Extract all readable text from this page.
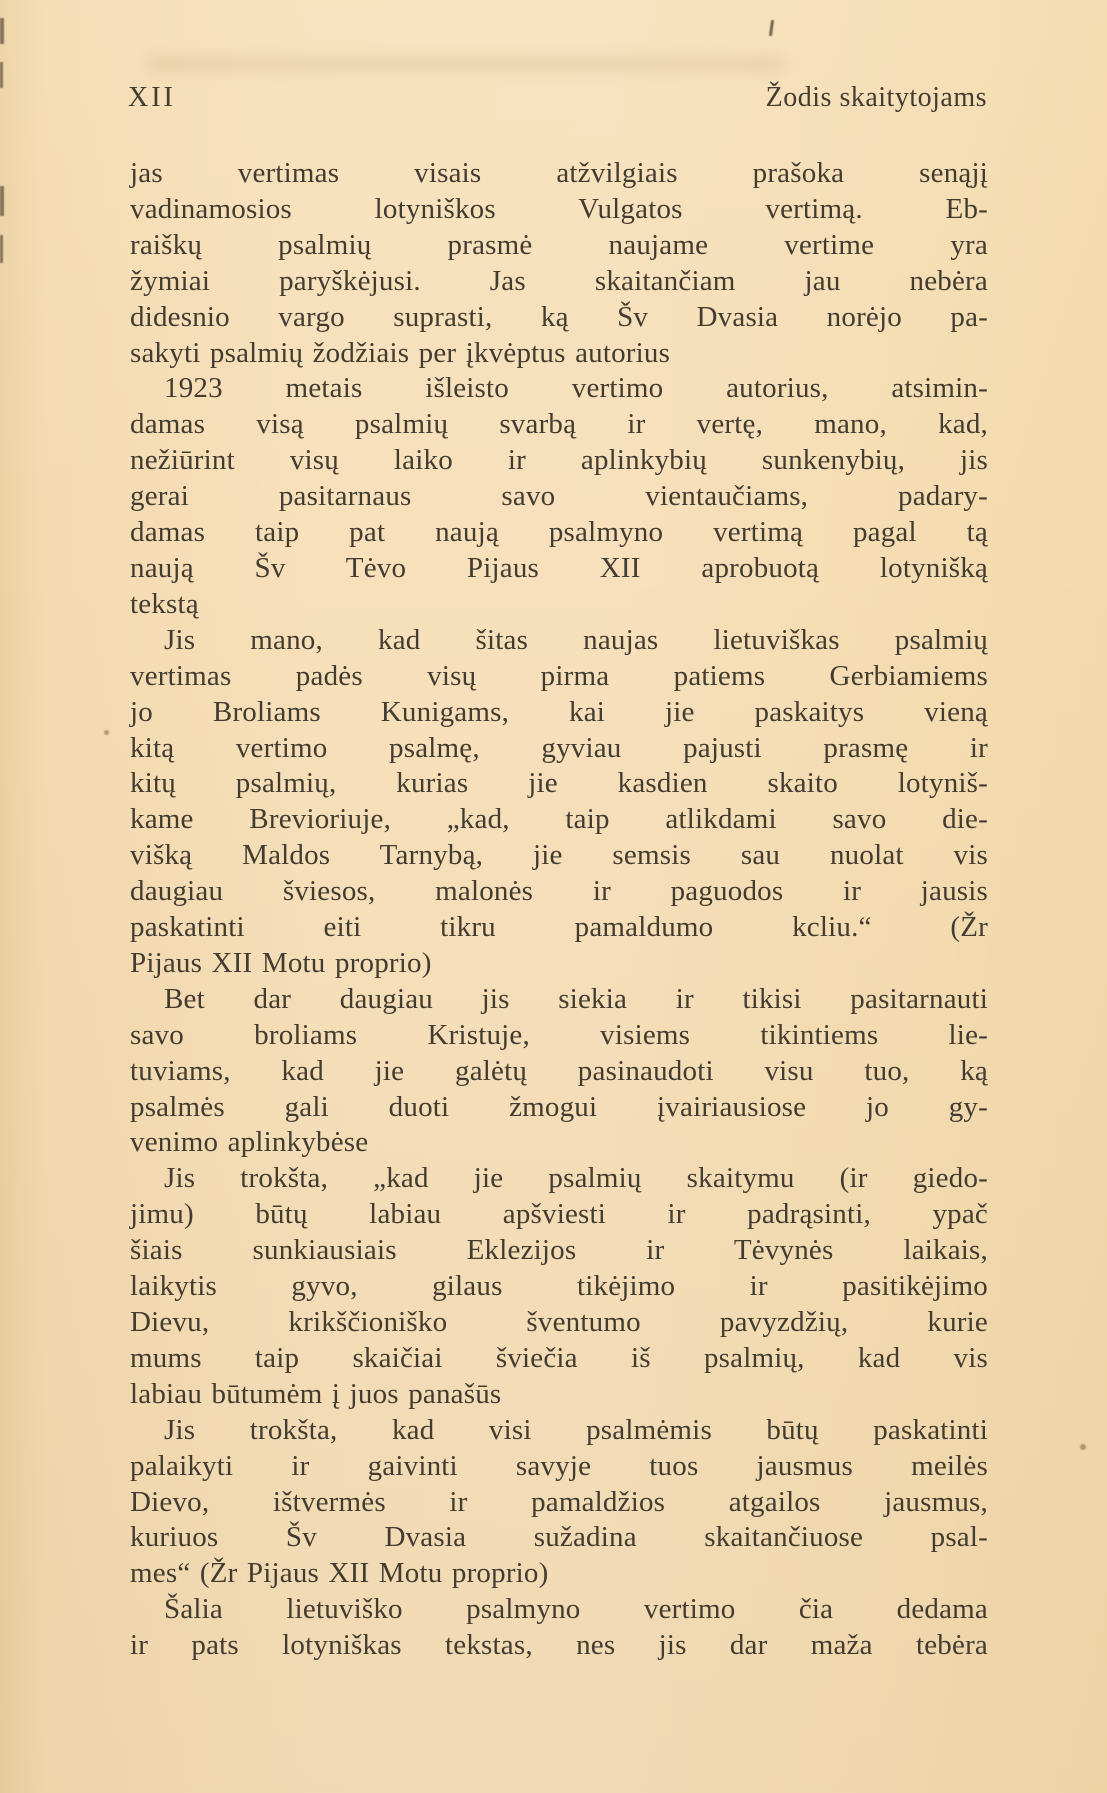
XII	Žodis skaitytojams
jas vertimas visais atžvilgiais prašoka senąjį
vadinamosios lotyniškos Vulgatos vertimą. Eb-
raiškų psalmių prasmė naujame vertime yra
žymiai paryškėjusi. Jas skaitančiam jau nebėra
didesnio vargo suprasti, ką Šv Dvasia norėjo pa-
sakyti psalmių žodžiais per įkvėptus autorius
1923 metais išleisto vertimo autorius, atsimin-
damas visą psalmių svarbą ir vertę, mano, kad,
nežiūrint visų laiko ir aplinkybių sunkenybių, jis
gerai pasitarnaus savo vientaučiams, padary-
damas taip pat naują psalmyno vertimą pagal tą
naują Šv Tėvo Pijaus XII aprobuotą lotynišką
tekstą
Jis mano, kad šitas naujas lietuviškas psalmių
vertimas padės visų pirma patiems Gerbiamiems
jo Broliams Kunigams, kai jie paskaitys vieną
kitą vertimo psalmę, gyviau pajusti prasmę ir
kitų psalmių, kurias jie kasdien skaito lotyniš-
kame Brevioriuje, „kad, taip atlikdami savo die-
višką Maldos Tarnybą, jie semsis sau nuolat vis
daugiau šviesos, malonės ir paguodos ir jausis
paskatinti eiti tikru pamaldumo kcliu.“ (Žr
Pijaus XII Motu proprio)
Bet dar daugiau jis siekia ir tikisi pasitarnauti
savo broliams Kristuje, visiems tikintiems lie-
tuviams, kad jie galėtų pasinaudoti visu tuo, ką
psalmės gali duoti žmogui įvairiausiose jo gy-
venimo aplinkybėse
Jis trokšta, „kad jie psalmių skaitymu (ir giedo-
jimu) būtų labiau apšviesti ir padrąsinti, ypač
šiais sunkiausiais Eklezijos ir Tėvynės laikais,
laikytis gyvo, gilaus tikėjimo ir pasitikėjimo
Dievu, krikščioniško šventumo pavyzdžių, kurie
mums taip skaičiai šviečia iš psalmių, kad vis
labiau būtumėm į juos panašūs
Jis trokšta, kad visi psalmėmis būtų paskatinti
palaikyti ir gaivinti savyje tuos jausmus meilės
Dievo, ištvermės ir pamaldžios atgailos jausmus,
kuriuos Šv Dvasia sužadina skaitančiuose psal-
mes“ (Žr Pijaus XII Motu proprio)
Šalia lietuviško psalmyno vertimo čia dedama
ir pats lotyniškas tekstas, nes jis dar maža tebėra
